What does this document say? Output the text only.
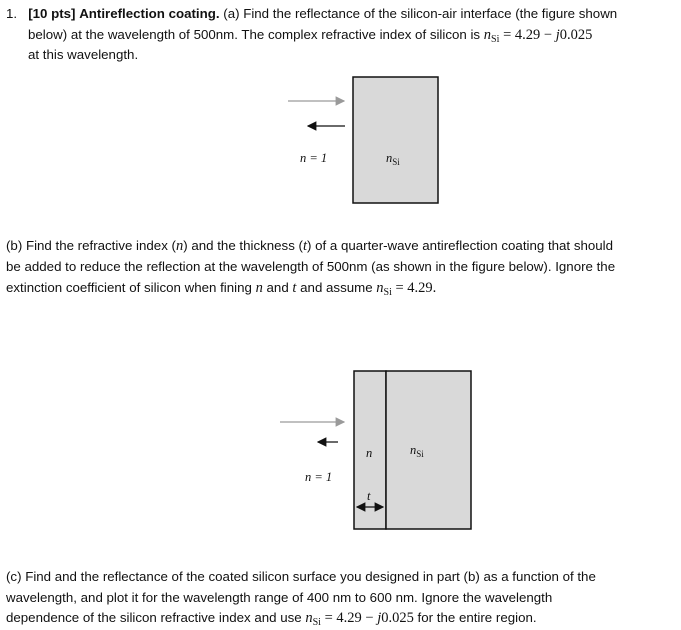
1. [10 pts] Antireflection coating. (a) Find the reflectance of the silicon-air interface (the figure shown
below) at the wavelength of 500nm. The complex refractive index of silicon is $n_{Si} = 4.29 - j0.025$
at this wavelength.
n = 1	$n_{Si}$
(b) Find the refractive index (n) and the thickness (t) of a quarter-wave antireflection coating that should
be added to reduce the reflection at the wavelength of 500nm (as shown in the figure below). Ignore the
extinction coefficient of silicon when fining n and t and assume $n_{Si} = 4.29$.
n	$n_{Si}$
n = 1
t
(c) Find and the reflectance of the coated silicon surface you designed in part (b) as a function of the
wavelength, and plot it for the wavelength range of 400 nm to 600 nm. Ignore the wavelength
dependence of the silicon refractive index and use $n_{Si} = 4.29 - j0.025$ for the entire region.
